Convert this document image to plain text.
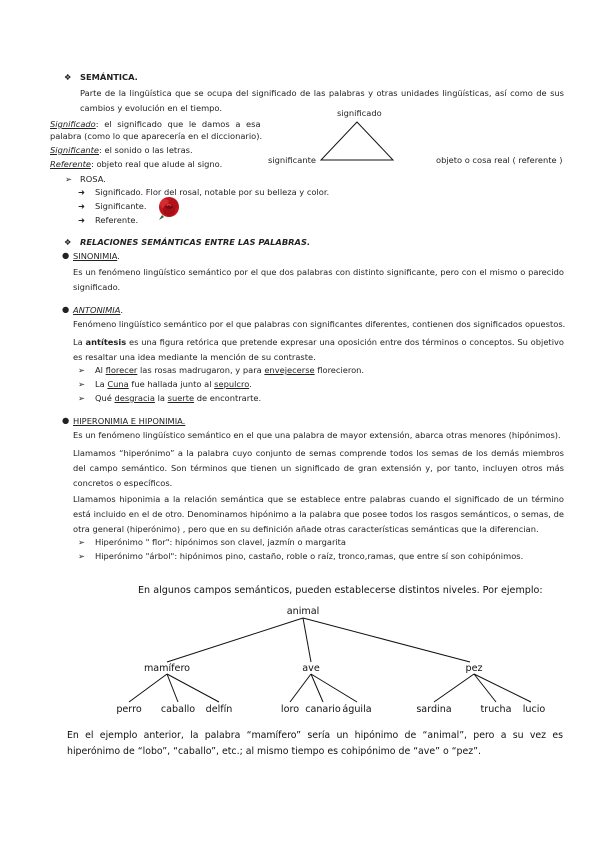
❖ SEMÁNTICA.
Parte de la lingüística que se ocupa del significado de las palabras y otras unidades lingüísticas, así como de sus cambios y evolución en el tiempo.
Significado: el significado que le damos a esa
palabra (como lo que aparecería en el diccionario).
Significante: el sonido o las letras.
Referente: objeto real que alude al signo.
significado
significante	objeto o cosa real ( referente )
➢ ROSA.
➜ Significado. Flor del rosal, notable por su belleza y color.
➜ Significante.
➜ Referente.
❖ RELACIONES SEMÁNTICAS ENTRE LAS PALABRAS.
● SINONIMIA.
Es un fenómeno lingüístico semántico por el que dos palabras con distinto significante, pero con el mismo o parecido significado.
● ANTONIMIA.
Fenómeno lingüístico semántico por el que palabras con significantes diferentes, contienen dos significados opuestos.
La antítesis es una figura retórica que pretende expresar una oposición entre dos términos o conceptos. Su objetivo es resaltar una idea mediante la mención de su contraste.
➢ Al florecer las rosas madrugaron, y para envejecerse florecieron.
➢ La Cuna fue hallada junto al sepulcro.
➢ Qué desgracia la suerte de encontrarte.
● HIPERONIMIA E HIPONIMIA.
Es un fenómeno lingüístico semántico en el que una palabra de mayor extensión, abarca otras menores (hipónimos).
Llamamos “hiperónimo” a la palabra cuyo conjunto de semas comprende todos los semas de los demás miembros del campo semántico. Son términos que tienen un significado de gran extensión y, por tanto, incluyen otros más concretos o específicos.
Llamamos hiponimia a la relación semántica que se establece entre palabras cuando el significado de un término está incluido en el de otro. Denominamos hipónimo a la palabra que posee todos los rasgos semánticos, o semas, de otra general (hiperónimo) , pero que en su definición añade otras características semánticas que la diferencian.
➢ Hiperónimo " flor": hipónimos son clavel, jazmín o margarita
➢ Hiperónimo "árbol": hipónimos pino, castaño, roble o raíz, tronco,ramas, que entre sí son cohipónimos.
En algunos campos semánticos, pueden establecerse distintos niveles. Por ejemplo:
animal
mamífero	ave	pez
perro caballo delfín	loro canario águila	sardina	trucha lucio
En el ejemplo anterior, la palabra “mamífero” sería un hipónimo de “animal”, pero a su vez es hiperónimo de “lobo”, “caballo”, etc.; al mismo tiempo es cohipónimo de “ave” o “pez”.
